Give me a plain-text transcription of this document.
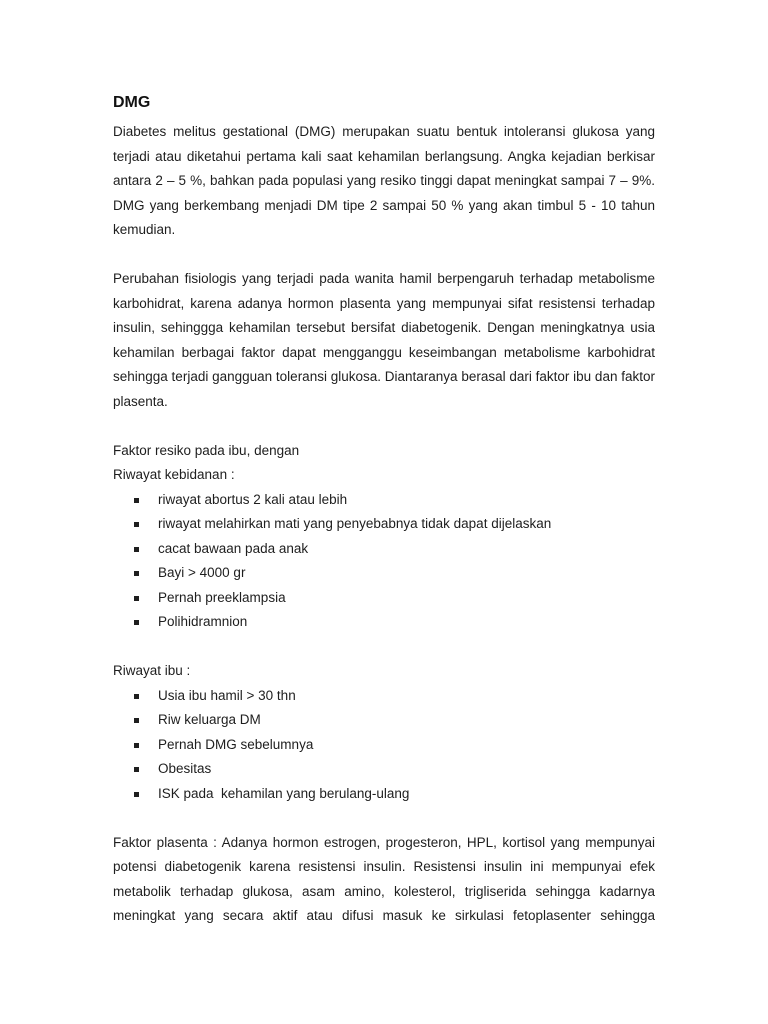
DMG

Diabetes melitus gestational (DMG) merupakan suatu bentuk intoleransi glukosa yang terjadi atau diketahui pertama kali saat kehamilan berlangsung. Angka kejadian berkisar antara 2 – 5 %, bahkan pada populasi yang resiko tinggi dapat meningkat sampai 7 – 9%. DMG yang berkembang menjadi DM tipe 2 sampai 50 % yang akan timbul 5 - 10 tahun kemudian.

Perubahan fisiologis yang terjadi pada wanita hamil berpengaruh terhadap metabolisme karbohidrat, karena adanya hormon plasenta yang mempunyai sifat resistensi terhadap insulin, sehinggga kehamilan tersebut bersifat diabetogenik. Dengan meningkatnya usia kehamilan berbagai faktor dapat mengganggu keseimbangan metabolisme karbohidrat sehingga terjadi gangguan toleransi glukosa. Diantaranya berasal dari faktor ibu dan faktor plasenta.

Faktor resiko pada ibu, dengan

Riwayat kebidanan :

riwayat abortus 2 kali atau lebih
riwayat melahirkan mati yang penyebabnya tidak dapat dijelaskan
cacat bawaan pada anak
Bayi > 4000 gr
Pernah preeklampsia
Polihidramnion

Riwayat ibu :

Usia ibu hamil > 30 thn
Riw keluarga DM
Pernah DMG sebelumnya
Obesitas
ISK pada  kehamilan yang berulang-ulang

Faktor plasenta : Adanya hormon estrogen, progesteron, HPL, kortisol yang mempunyai potensi diabetogenik karena resistensi insulin. Resistensi insulin ini mempunyai efek metabolik terhadap glukosa, asam amino, kolesterol, trigliserida sehingga kadarnya meningkat yang secara aktif atau difusi masuk ke sirkulasi fetoplasenter sehingga
